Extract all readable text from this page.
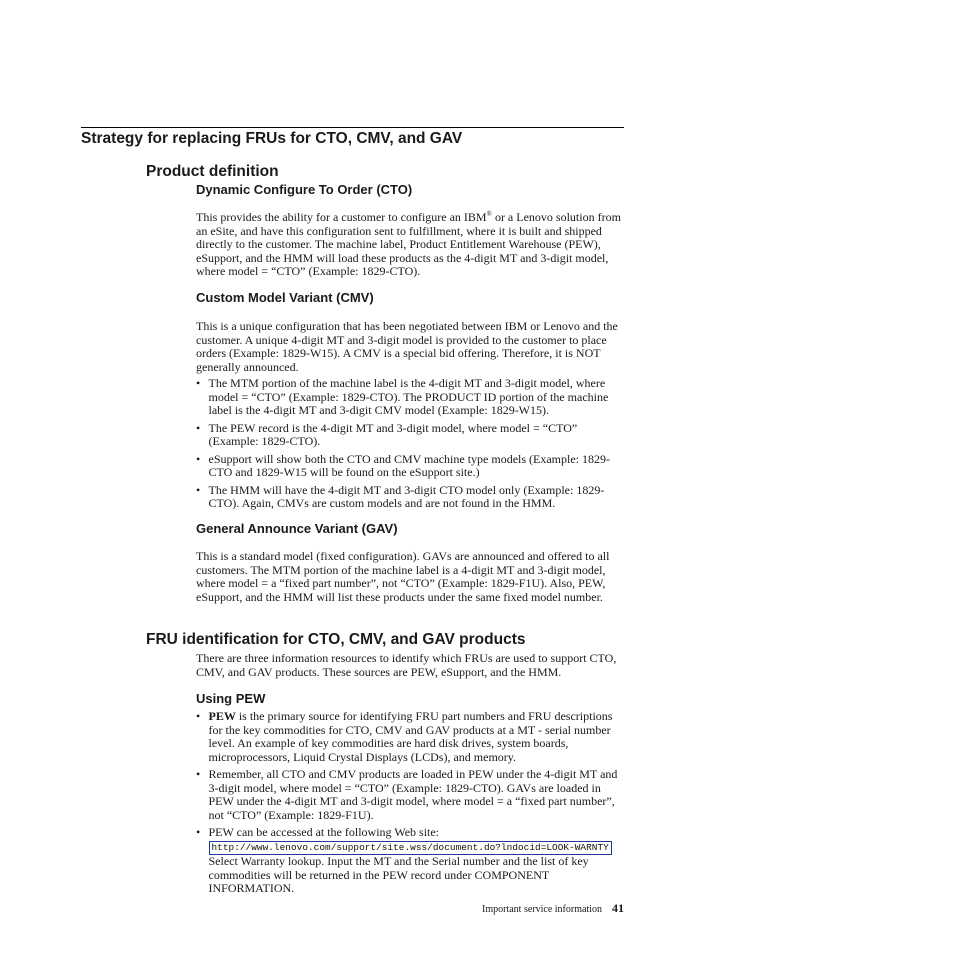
Strategy for replacing FRUs for CTO, CMV, and GAV
Product definition
Dynamic Configure To Order (CTO)

This provides the ability for a customer to configure an IBM® or a Lenovo solution from an eSite, and have this configuration sent to fulfillment, where it is built and shipped directly to the customer. The machine label, Product Entitlement Warehouse (PEW), eSupport, and the HMM will load these products as the 4-digit MT and 3-digit model, where model = “CTO” (Example: 1829-CTO).

Custom Model Variant (CMV)

This is a unique configuration that has been negotiated between IBM or Lenovo and the customer. A unique 4-digit MT and 3-digit model is provided to the customer to place orders (Example: 1829-W15). A CMV is a special bid offering. Therefore, it is NOT generally announced.

• The MTM portion of the machine label is the 4-digit MT and 3-digit model, where model = “CTO” (Example: 1829-CTO). The PRODUCT ID portion of the machine label is the 4-digit MT and 3-digit CMV model (Example: 1829-W15).
• The PEW record is the 4-digit MT and 3-digit model, where model = “CTO” (Example: 1829-CTO).
• eSupport will show both the CTO and CMV machine type models (Example: 1829-CTO and 1829-W15 will be found on the eSupport site.)
• The HMM will have the 4-digit MT and 3-digit CTO model only (Example: 1829-CTO). Again, CMVs are custom models and are not found in the HMM.
General Announce Variant (GAV)

This is a standard model (fixed configuration). GAVs are announced and offered to all customers. The MTM portion of the machine label is a 4-digit MT and 3-digit model, where model = a “fixed part number”, not “CTO” (Example: 1829-F1U). Also, PEW, eSupport, and the HMM will list these products under the same fixed model number.

FRU identification for CTO, CMV, and GAV products

There are three information resources to identify which FRUs are used to support CTO, CMV, and GAV products. These sources are PEW, eSupport, and the HMM.

Using PEW
• PEW is the primary source for identifying FRU part numbers and FRU descriptions for the key commodities for CTO, CMV and GAV products at a MT - serial number level. An example of key commodities are hard disk drives, system boards, microprocessors, Liquid Crystal Displays (LCDs), and memory.
• Remember, all CTO and CMV products are loaded in PEW under the 4-digit MT and 3-digit model, where model = “CTO” (Example: 1829-CTO). GAVs are loaded in PEW under the 4-digit MT and 3-digit model, where model = a “fixed part number”, not “CTO” (Example: 1829-F1U).
• PEW can be accessed at the following Web site:
http://www.lenovo.com/support/site.wss/document.do?lndocid=LOOK-WARNTY
Select Warranty lookup. Input the MT and the Serial number and the list of key commodities will be returned in the PEW record under COMPONENT INFORMATION.
Important service information 41
